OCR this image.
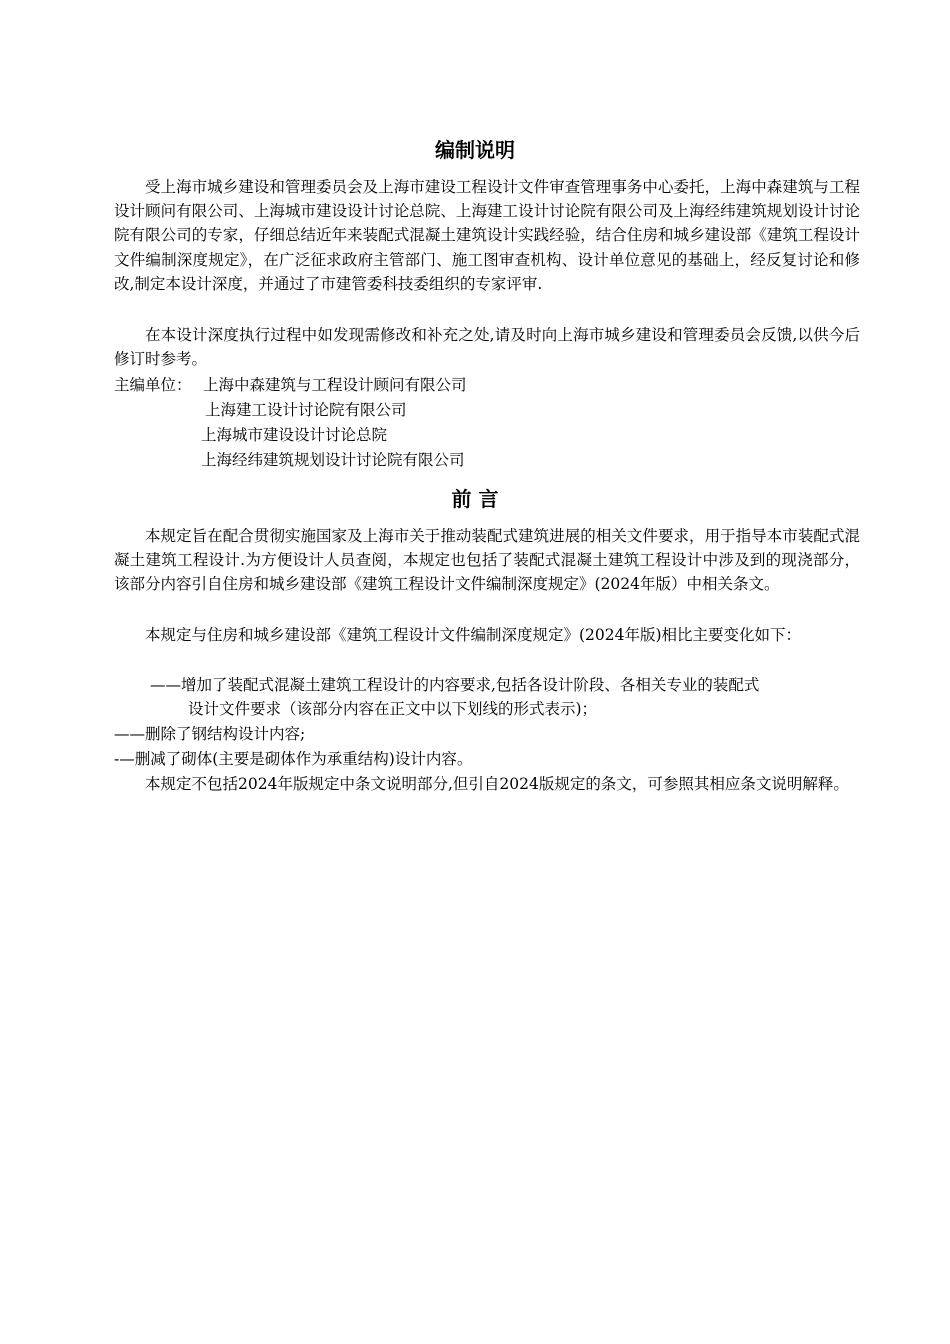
编制说明

受上海市城乡建设和管理委员会及上海市建设工程设计文件审查管理事务中心委托，上海中森建筑与工程设计顾问有限公司、上海城市建设设计讨论总院、上海建工设计讨论院有限公司及上海经纬建筑规划设计讨论院有限公司的专家，仔细总结近年来装配式混凝土建筑设计实践经验，结合住房和城乡建设部《建筑工程设计文件编制深度规定》，在广泛征求政府主管部门、施工图审查机构、设计单位意见的基础上，经反复讨论和修改,制定本设计深度，并通过了市建管委科技委组织的专家评审.

在本设计深度执行过程中如发现需修改和补充之处,请及时向上海市城乡建设和管理委员会反馈,以供今后修订时参考。

主编单位： 上海中森建筑与工程设计顾问有限公司
上海建工设计讨论院有限公司
上海城市建设设计讨论总院
上海经纬建筑规划设计讨论院有限公司
前 言

本规定旨在配合贯彻实施国家及上海市关于推动装配式建筑进展的相关文件要求，用于指导本市装配式混凝土建筑工程设计.为方便设计人员查阅，本规定也包括了装配式混凝土建筑工程设计中涉及到的现浇部分，该部分内容引自住房和城乡建设部《建筑工程设计文件编制深度规定》(2024年版）中相关条文。

本规定与住房和城乡建设部《建筑工程设计文件编制深度规定》(2024年版)相比主要变化如下：

——增加了装配式混凝土建筑工程设计的内容要求,包括各设计阶段、各相关专业的装配式
设计文件要求（该部分内容在正文中以下划线的形式表示)；
——删除了钢结构设计内容;
-—删减了砌体(主要是砌体作为承重结构)设计内容。

本规定不包括2024年版规定中条文说明部分,但引自2024版规定的条文，可参照其相应条文说明解释。
